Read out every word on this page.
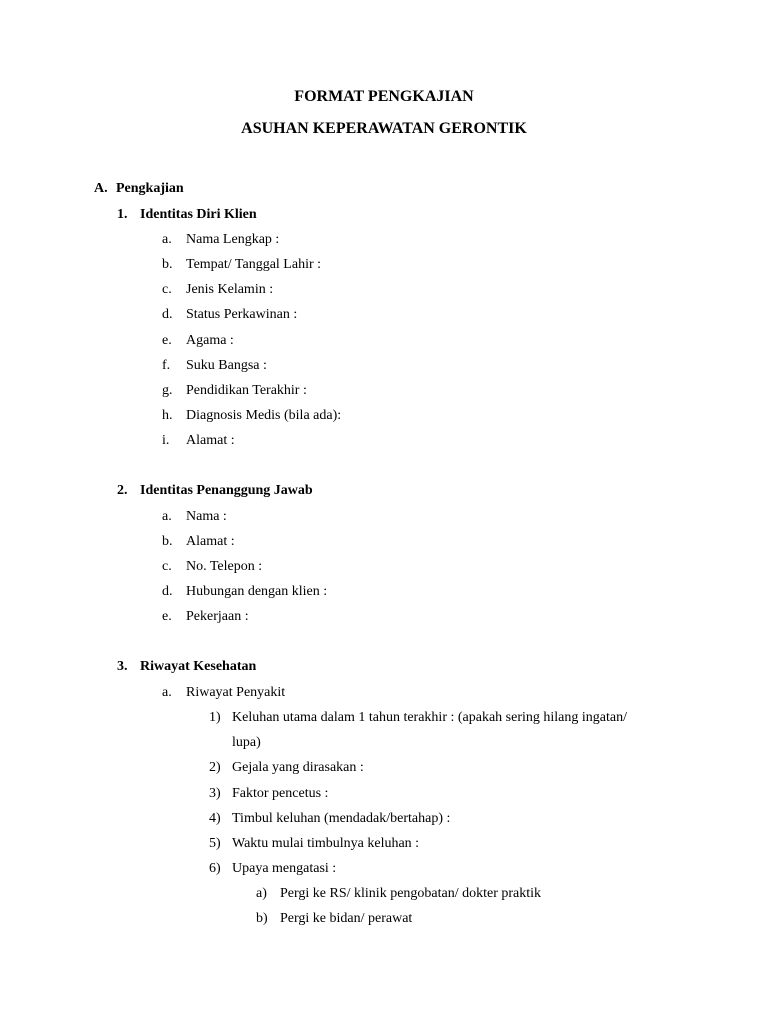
FORMAT PENGKAJIAN
ASUHAN KEPERAWATAN GERONTIK
A. Pengkajian
1. Identitas Diri Klien
a. Nama Lengkap :
b. Tempat/ Tanggal Lahir :
c. Jenis Kelamin :
d. Status Perkawinan :
e. Agama :
f. Suku Bangsa :
g. Pendidikan Terakhir :
h. Diagnosis Medis (bila ada):
i. Alamat :
2. Identitas Penanggung Jawab
a. Nama :
b. Alamat :
c. No. Telepon :
d. Hubungan dengan klien :
e. Pekerjaan :
3. Riwayat Kesehatan
a. Riwayat Penyakit
1) Keluhan utama dalam 1 tahun terakhir : (apakah sering hilang ingatan/
lupa)
2) Gejala yang dirasakan :
3) Faktor pencetus :
4) Timbul keluhan (mendadak/bertahap) :
5) Waktu mulai timbulnya keluhan :
6) Upaya mengatasi :
a) Pergi ke RS/ klinik pengobatan/ dokter praktik
b) Pergi ke bidan/ perawat
